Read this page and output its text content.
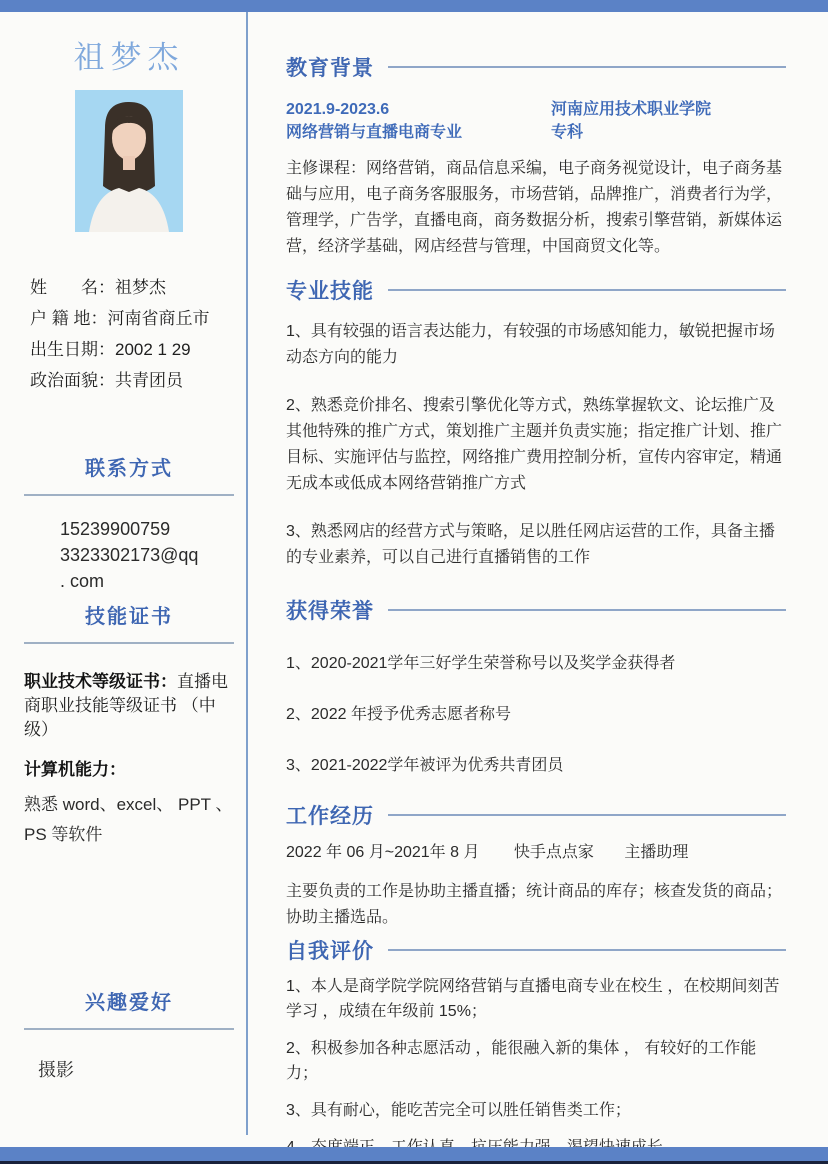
祖梦杰
姓　　名：祖梦杰
户 籍 地：河南省商丘市
出生日期：2002 1 29
政治面貌：共青团员
联系方式
15239900759
3323302173@qq
. com
技能证书
职业技术等级证书：直播电商职业技能等级证书 （中级）
计算机能力：
熟悉 word、excel、 PPT 、 PS 等软件
兴趣爱好
摄影
教育背景
2021.9-2023.6
网络营销与直播电商专业
河南应用技术职业学院
专科
主修课程：网络营销，商品信息采编，电子商务视觉设计，电子商务基础与应用，电子商务客服服务，市场营销，品牌推广，消费者行为学，管理学，广告学，直播电商，商务数据分析，搜索引擎营销，新媒体运营，经济学基础，网店经营与管理，中国商贸文化等。
专业技能
1、具有较强的语言表达能力，有较强的市场感知能力，敏锐把握市场动态方向的能力
2、熟悉竞价排名、搜索引擎优化等方式，熟练掌握软文、论坛推广及其他特殊的推广方式，策划推广主题并负责实施；指定推广计划、推广目标、实施评估与监控，网络推广费用控制分析，宣传内容审定，精通无成本或低成本网络营销推广方式
3、熟悉网店的经营方式与策略，足以胜任网店运营的工作，具备主播的专业素养，可以自己进行直播销售的工作
获得荣誉
1、2020-2021学年三好学生荣誉称号以及奖学金获得者
2、2022 年授予优秀志愿者称号
3、2021-2022学年被评为优秀共青团员
工作经历
2022 年 06 月~2021年 8 月 快手点点家 主播助理
主要负责的工作是协助主播直播；统计商品的库存；核查发货的商品；协助主播选品。
自我评价
1、本人是商学院学院网络营销与直播电商专业在校生 ，在校期间刻苦学习 ，成绩在年级前 15%；
2、积极参加各种志愿活动 ，能很融入新的集体 ， 有较好的工作能力；
3、具有耐心，能吃苦完全可以胜任销售类工作；
